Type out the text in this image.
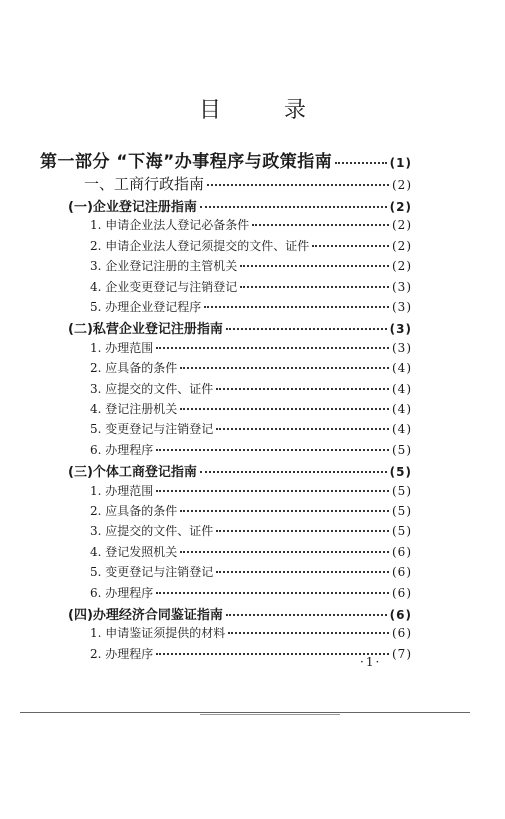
目 录
第一部分 “下海”办事程序与政策指南	(1)
一、工商行政指南	(2)
(一)企业登记注册指南	(2)
1. 申请企业法人登记必备条件	(2)
2. 申请企业法人登记须提交的文件、证件	(2)
3. 企业登记注册的主管机关	(2)
4. 企业变更登记与注销登记	(3)
5. 办理企业登记程序	(3)
(二)私营企业登记注册指南	(3)
1. 办理范围	(3)
2. 应具备的条件	(4)
3. 应提交的文件、证件	(4)
4. 登记注册机关	(4)
5. 变更登记与注销登记	(4)
6. 办理程序	(5)
(三)个体工商登记指南	(5)
1. 办理范围	(5)
2. 应具备的条件	(5)
3. 应提交的文件、证件	(5)
4. 登记发照机关	(6)
5. 变更登记与注销登记	(6)
6. 办理程序	(6)
(四)办理经济合同鉴证指南	(6)
1. 申请鉴证须提供的材料	(6)
2. 办理程序	(7)
·1·
